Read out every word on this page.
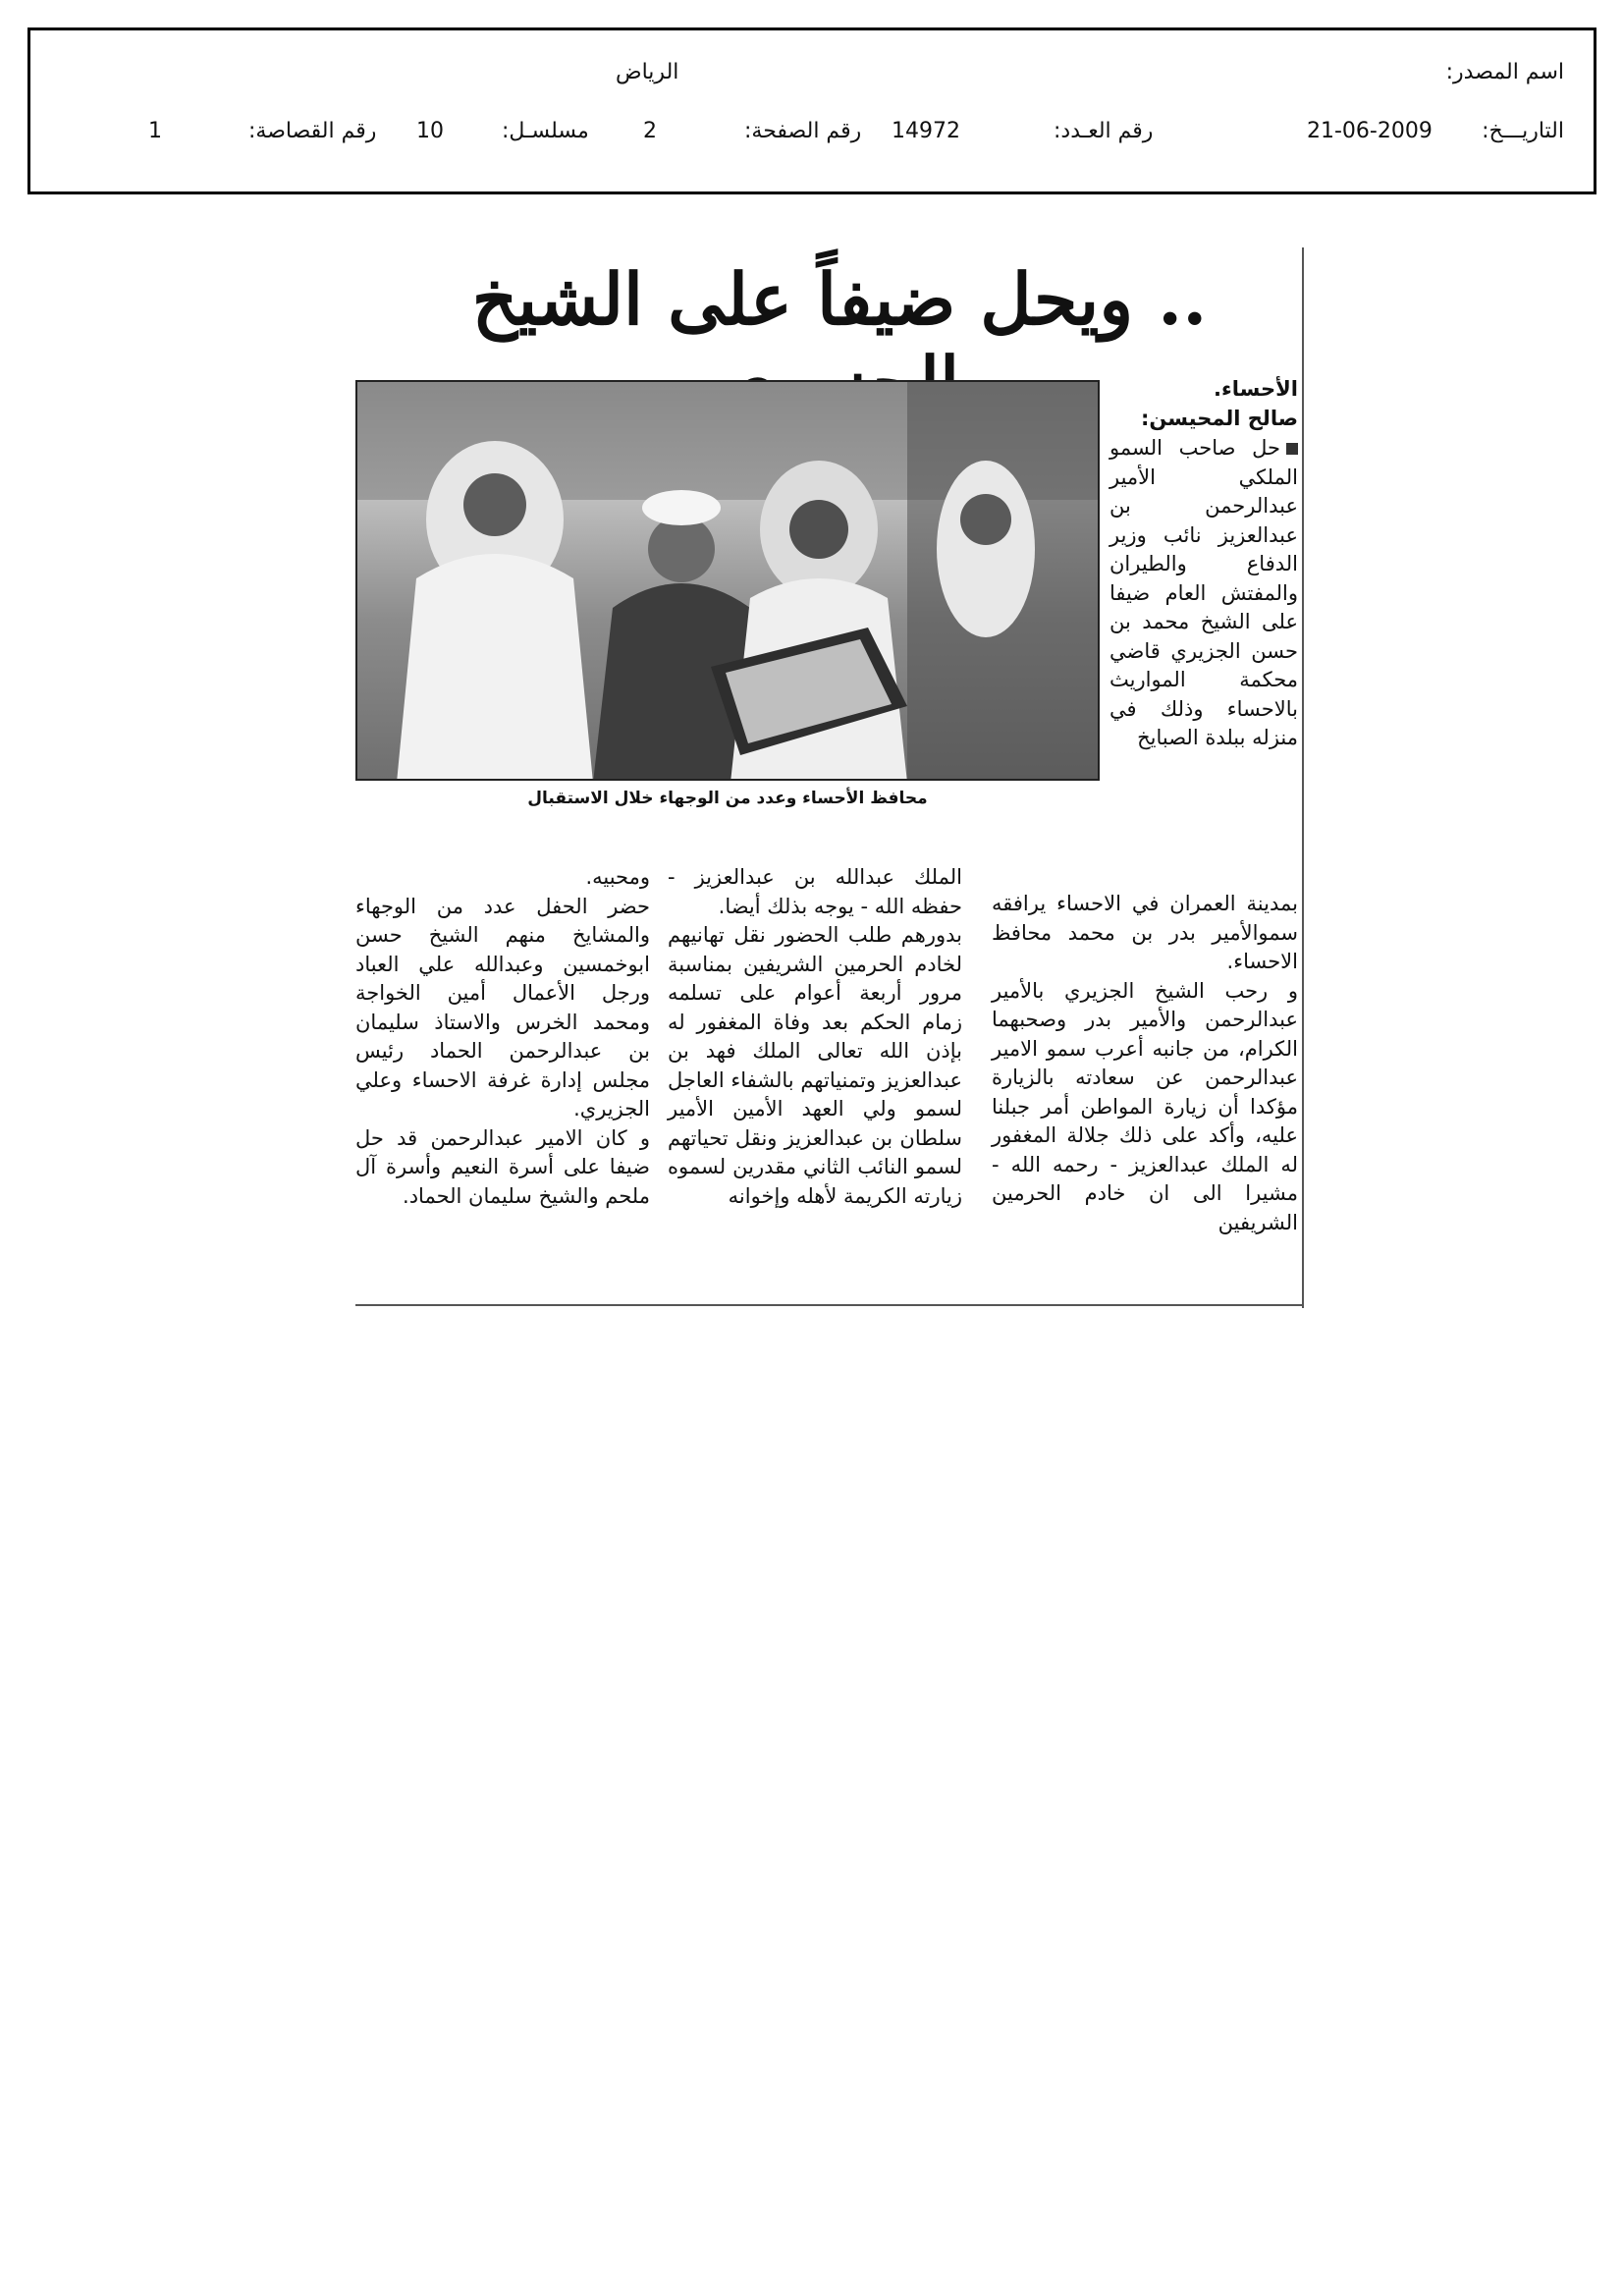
اسم المصدر:
الرياض
التاريـــخ:
21-06-2009
رقم العـدد:
14972
رقم الصفحة:
2
مسلسـل:
10
رقم القصاصة:
1
.. ويحل ضيفاً على الشيخ
محافظ الأحساء وعدد من الوجهاء خلال الاستقبال

الأحساء.

صالح المحيسن:

حل صاحب السمو الملكي الأمير عبدالرحمن بن عبدالعزيز نائب وزير الدفاع والطيران والمفتش العام ضيفا على الشيخ محمد بن حسن الجزيري قاضي محكمة المواريث بالاحساء وذلك في منزله ببلدة الصبايخ

بمدينة العمران في الاحساء يرافقه سموالأمير بدر بن محمد محافظ الاحساء.

و رحب الشيخ الجزيري بالأمير عبدالرحمن والأمير بدر وصحبهما الكرام، من جانبه أعرب سمو الامير عبدالرحمن عن سعادته بالزيارة مؤكدا أن زيارة المواطن أمر جبلنا عليه، وأكد على ذلك جلالة المغفور له الملك عبدالعزيز - رحمه الله - مشيرا الى ان خادم الحرمين الشريفين

الملك عبدالله بن عبدالعزيز - حفظه الله - يوجه بذلك أيضا.

بدورهم طلب الحضور نقل تهانيهم لخادم الحرمين الشريفين بمناسبة مرور أربعة أعوام على تسلمه زمام الحكم بعد وفاة المغفور له بإذن الله تعالى الملك فهد بن عبدالعزيز وتمنياتهم بالشفاء العاجل لسمو ولي العهد الأمين الأمير سلطان بن عبدالعزيز ونقل تحياتهم لسمو النائب الثاني مقدرين لسموه زيارته الكريمة لأهله وإخوانه

ومحبيه.

حضر الحفل عدد من الوجهاء والمشايخ منهم الشيخ حسن ابوخمسين وعبدالله علي العباد ورجل الأعمال أمين الخواجة ومحمد الخرس والاستاذ سليمان بن عبدالرحمن الحماد رئيس مجلس إدارة غرفة الاحساء وعلي الجزيري.

و كان الامير عبدالرحمن قد حل ضيفا على أسرة النعيم وأسرة آل ملحم والشيخ سليمان الحماد.
